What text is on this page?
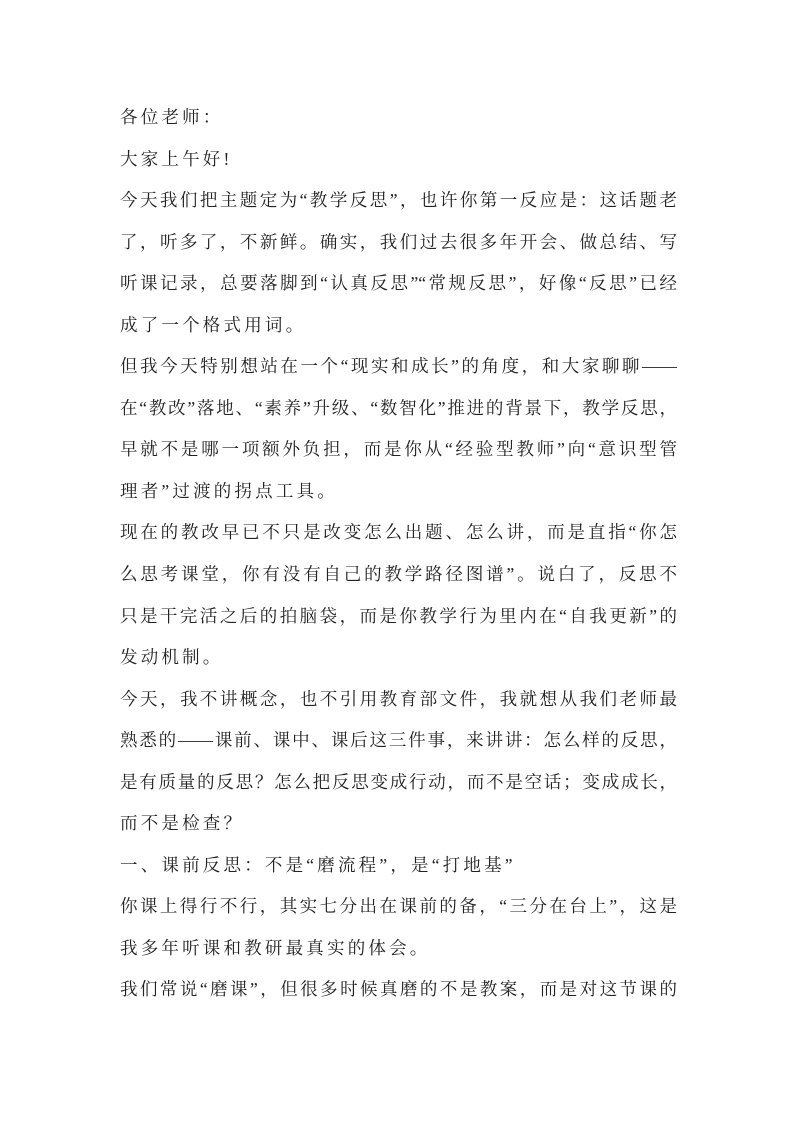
各位老师：
大家上午好!
今天我们把主题定为“教学反思”，也许你第一反应是：这话题老
了，听多了，不新鲜。确实，我们过去很多年开会、做总结、写
听课记录，总要落脚到“认真反思”“常规反思”，好像“反思”已经
成了一个格式用词。
但我今天特别想站在一个“现实和成长”的角度，和大家聊聊——
在“教改”落地、“素养”升级、“数智化”推进的背景下，教学反思，
早就不是哪一项额外负担，而是你从“经验型教师”向“意识型管
理者”过渡的拐点工具。
现在的教改早已不只是改变怎么出题、怎么讲，而是直指“你怎
么思考课堂，你有没有自己的教学路径图谱”。说白了，反思不
只是干完活之后的拍脑袋，而是你教学行为里内在“自我更新”的
发动机制。
今天，我不讲概念，也不引用教育部文件，我就想从我们老师最
熟悉的——课前、课中、课后这三件事，来讲讲：怎么样的反思，
是有质量的反思？怎么把反思变成行动，而不是空话；变成成长，
而不是检查？
一、课前反思：不是“磨流程”，是“打地基”
你课上得行不行，其实七分出在课前的备，“三分在台上”，这是
我多年听课和教研最真实的体会。
我们常说“磨课”，但很多时候真磨的不是教案，而是对这节课的
